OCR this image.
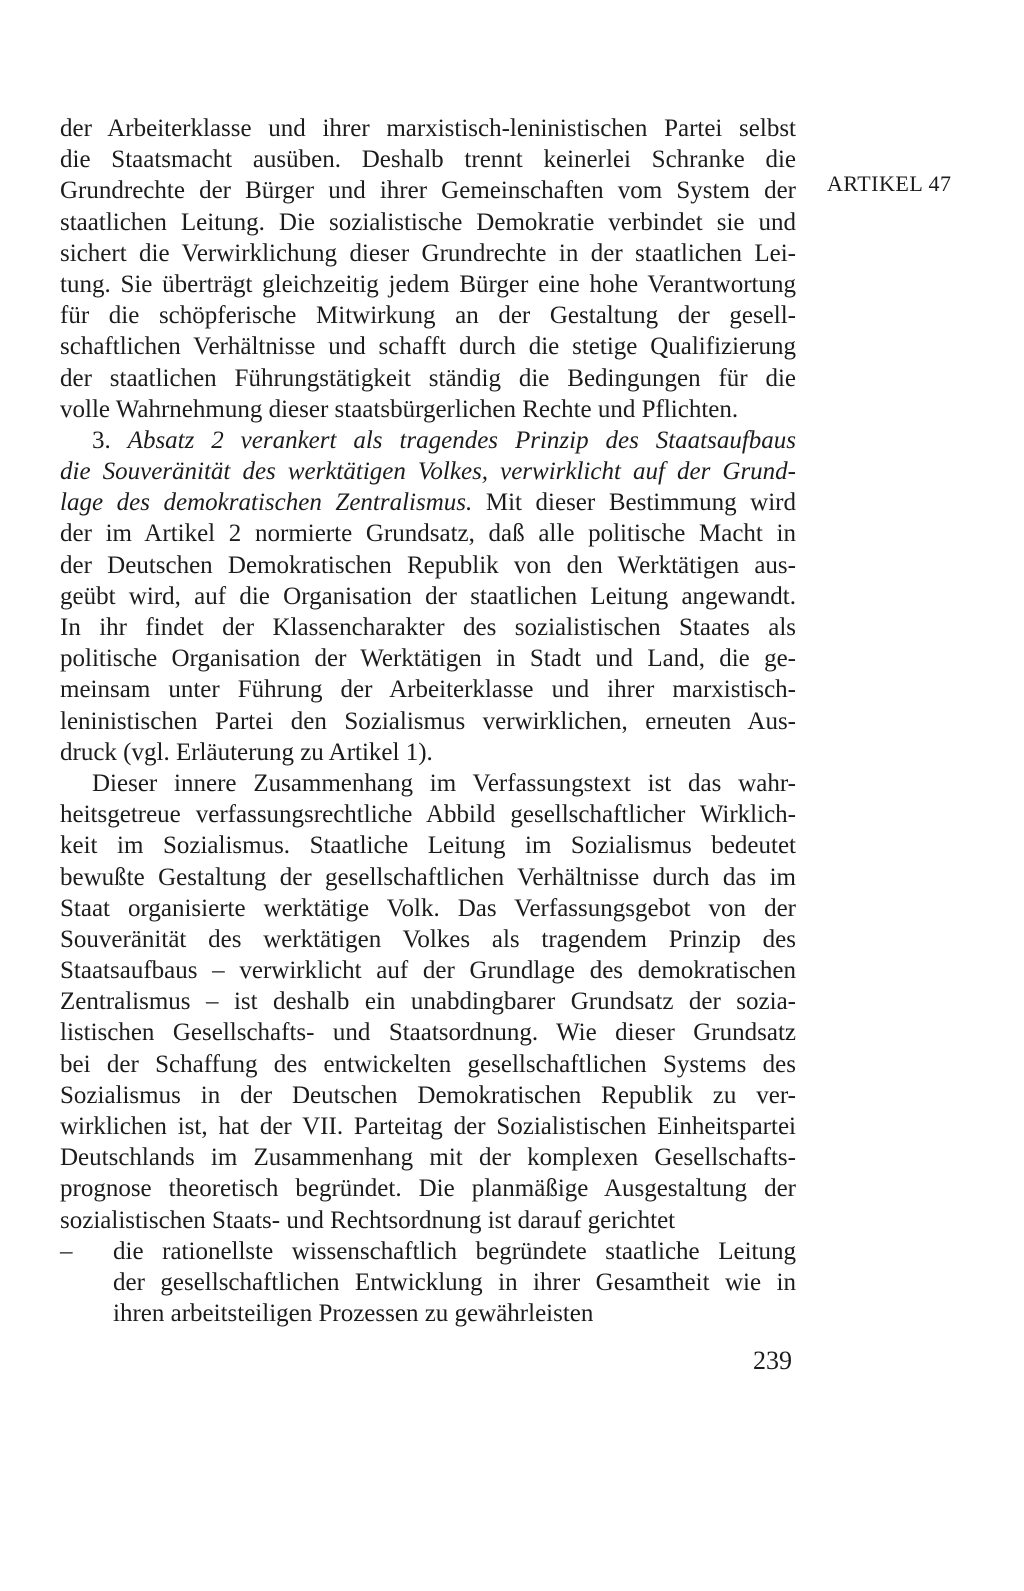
der Arbeiterklasse und ihrer marxistisch-leninistischen Partei selbst
die Staatsmacht ausüben. Deshalb trennt keinerlei Schranke die
Grundrechte der Bürger und ihrer Gemeinschaften vom System der
staatlichen Leitung. Die sozialistische Demokratie verbindet sie und
sichert die Verwirklichung dieser Grundrechte in der staatlichen Lei-
tung. Sie überträgt gleichzeitig jedem Bürger eine hohe Verantwortung
für die schöpferische Mitwirkung an der Gestaltung der gesell-
schaftlichen Verhältnisse und schafft durch die stetige Qualifizierung
der staatlichen Führungstätigkeit ständig die Bedingungen für die
volle Wahrnehmung dieser staatsbürgerlichen Rechte und Pflichten.
3. Absatz 2 verankert als tragendes Prinzip des Staatsaufbaus
die Souveränität des werktätigen Volkes, verwirklicht auf der Grund-
lage des demokratischen Zentralismus. Mit dieser Bestimmung wird
der im Artikel 2 normierte Grundsatz, daß alle politische Macht in
der Deutschen Demokratischen Republik von den Werktätigen aus-
geübt wird, auf die Organisation der staatlichen Leitung angewandt.
In ihr findet der Klassencharakter des sozialistischen Staates als
politische Organisation der Werktätigen in Stadt und Land, die ge-
meinsam unter Führung der Arbeiterklasse und ihrer marxistisch-
leninistischen Partei den Sozialismus verwirklichen, erneuten Aus-
druck (vgl. Erläuterung zu Artikel 1).
Dieser innere Zusammenhang im Verfassungstext ist das wahr-
heitsgetreue verfassungsrechtliche Abbild gesellschaftlicher Wirklich-
keit im Sozialismus. Staatliche Leitung im Sozialismus bedeutet
bewußte Gestaltung der gesellschaftlichen Verhältnisse durch das im
Staat organisierte werktätige Volk. Das Verfassungsgebot von der
Souveränität des werktätigen Volkes als tragendem Prinzip des
Staatsaufbaus – verwirklicht auf der Grundlage des demokratischen
Zentralismus – ist deshalb ein unabdingbarer Grundsatz der sozia-
listischen Gesellschafts- und Staatsordnung. Wie dieser Grundsatz
bei der Schaffung des entwickelten gesellschaftlichen Systems des
Sozialismus in der Deutschen Demokratischen Republik zu ver-
wirklichen ist, hat der VII. Parteitag der Sozialistischen Einheitspartei
Deutschlands im Zusammenhang mit der komplexen Gesellschafts-
prognose theoretisch begründet. Die planmäßige Ausgestaltung der
sozialistischen Staats- und Rechtsordnung ist darauf gerichtet
– die rationellste wissenschaftlich begründete staatliche Leitung
der gesellschaftlichen Entwicklung in ihrer Gesamtheit wie in
ihren arbeitsteiligen Prozessen zu gewährleisten
ARTIKEL 47
239
